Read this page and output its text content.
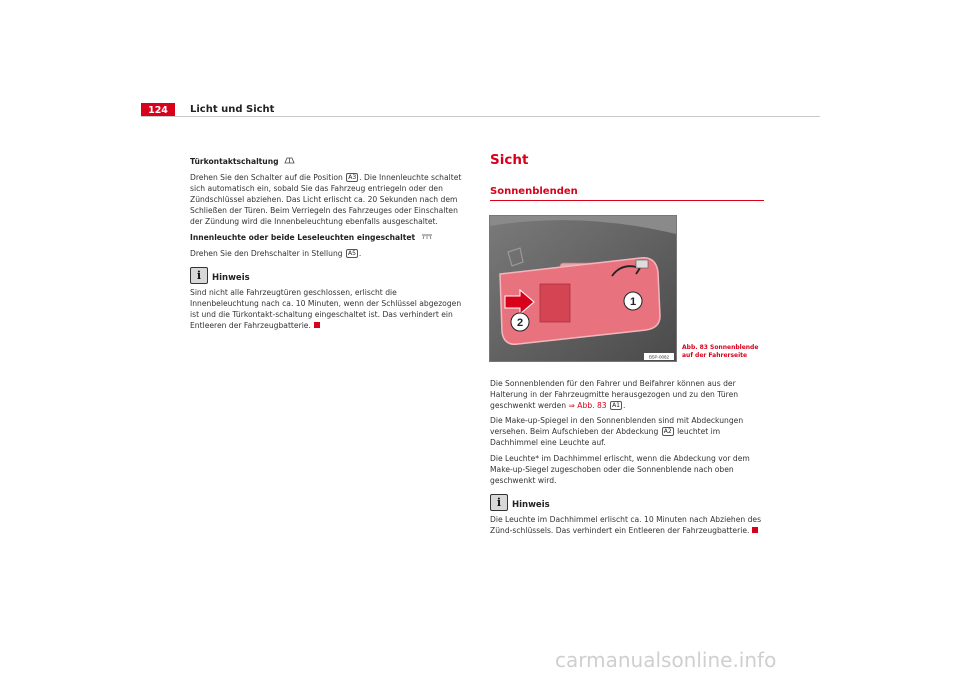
124	Licht und Sicht

Türkontaktschaltung

Drehen Sie den Schalter auf die Position A3 . Die Innenleuchte schaltet sich automatisch ein, sobald Sie das Fahrzeug entriegeln oder den Zündschlüssel abziehen. Das Licht erlischt ca. 20 Sekunden nach dem Schließen der Türen. Beim Verriegeln des Fahrzeuges oder Einschalten der Zündung wird die Innenbeleuchtung ebenfalls ausgeschaltet.

Innenleuchte oder beide Leseleuchten eingeschaltet

Drehen Sie den Drehschalter in Stellung A5 .

i	Hinweis

Sind nicht alle Fahrzeugtüren geschlossen, erlischt die Innenbeleuchtung nach ca. 10 Minuten, wenn der Schlüssel abgezogen ist und die Türkontakt-schaltung eingeschaltet ist. Das verhindert ein Entleeren der Fahrzeugbatterie.

Sicht
Sonnenblenden
1
2
B5P-0082
Abb. 83 Sonnenblende
auf der Fahrerseite

Die Sonnenblenden für den Fahrer und Beifahrer können aus der Halterung in der Fahrzeugmitte herausgezogen und zu den Türen geschwenkt werden ⇒ Abb. 83 A1 .

Die Make-up-Spiegel in den Sonnenblenden sind mit Abdeckungen versehen. Beim Aufschieben der Abdeckung A2 leuchtet im Dachhimmel eine Leuchte auf.

Die Leuchte* im Dachhimmel erlischt, wenn die Abdeckung vor dem Make-up-Siegel zugeschoben oder die Sonnenblende nach oben geschwenkt wird.

i	Hinweis

Die Leuchte im Dachhimmel erlischt ca. 10 Minuten nach Abziehen des Zünd-schlüssels. Das verhindert ein Entleeren der Fahrzeugbatterie.

carmanualsonline.info
